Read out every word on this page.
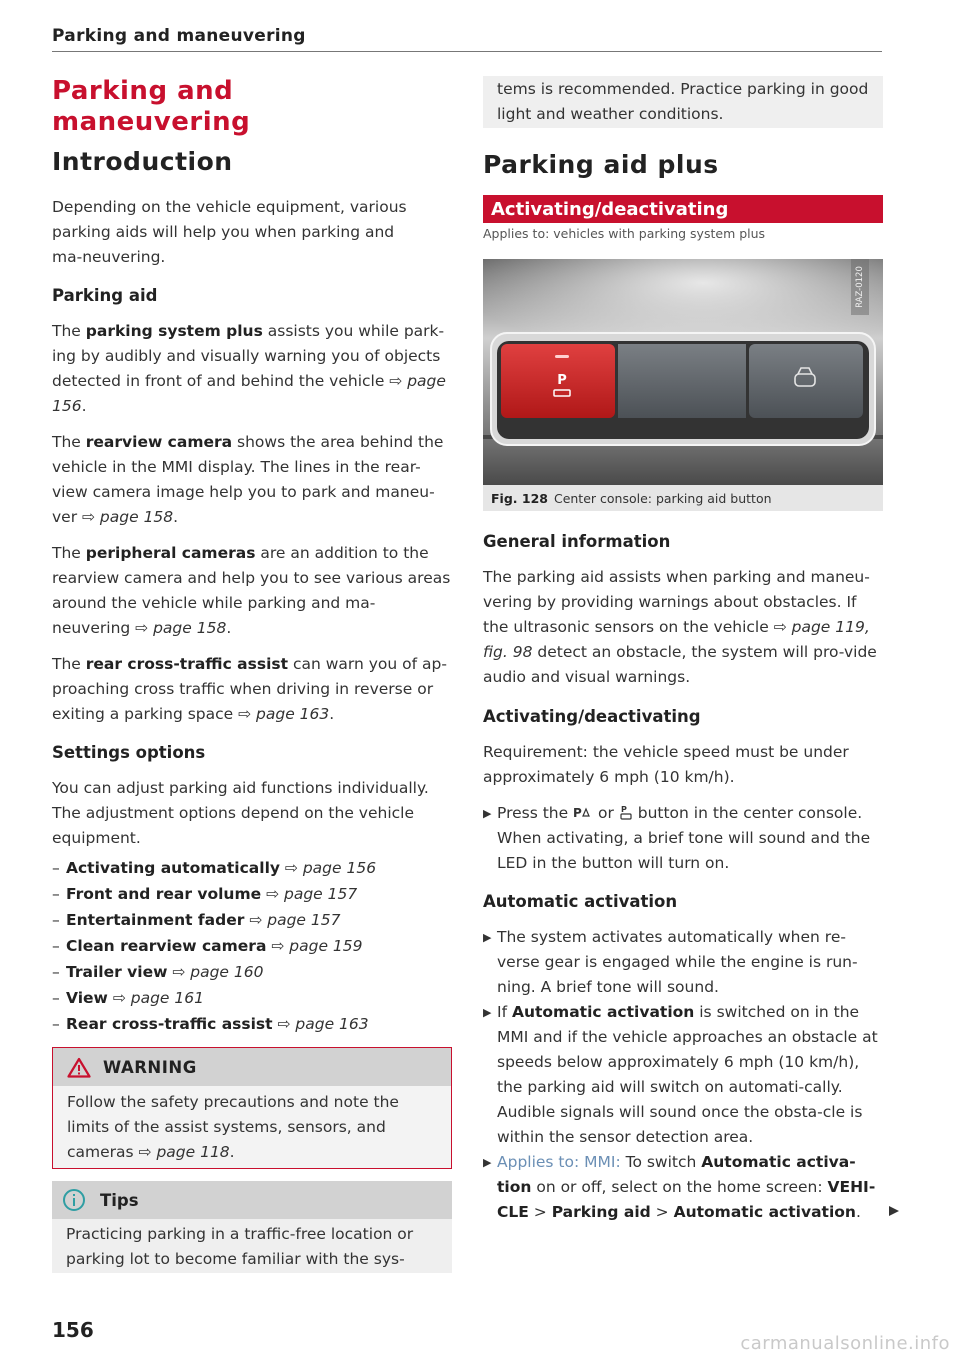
Parking and maneuvering
Parking and
maneuvering
Introduction

Depending on the vehicle equipment, various parking aids will help you when parking and ma-neuvering.

Parking aid

The parking system plus assists you while park-ing by audibly and visually warning you of objects detected in front of and behind the vehicle ⇨ page 156.

The rearview camera shows the area behind the vehicle in the MMI display. The lines in the rear-view camera image help you to park and maneu-ver ⇨ page 158.

The peripheral cameras are an addition to the rearview camera and help you to see various areas around the vehicle while parking and ma-neuvering ⇨ page 158.

The rear cross-traffic assist can warn you of ap-proaching cross traffic when driving in reverse or exiting a parking space ⇨ page 163.

Settings options

You can adjust parking aid functions individually. The adjustment options depend on the vehicle equipment.

– Activating automatically ⇨ page 156
– Front and rear volume ⇨ page 157
– Entertainment fader ⇨ page 157
– Clean rearview camera ⇨ page 159
– Trailer view ⇨ page 160
– View ⇨ page 161
– Rear cross-traffic assist ⇨ page 163
WARNING

Follow the safety precautions and note the limits of the assist systems, sensors, and cameras ⇨ page 118.

Tips

Practicing parking in a traffic-free location or parking lot to become familiar with the sys-

tems is recommended. Practice parking in good light and weather conditions.

Parking aid plus
Activating/deactivating
Applies to: vehicles with parking system plus
P
RAZ-0120
Fig. 128 Center console: parking aid button
General information

The parking aid assists when parking and maneu-vering by providing warnings about obstacles. If the ultrasonic sensors on the vehicle ⇨ page 119, fig. 98 detect an obstacle, the system will pro-vide audio and visual warnings.

Activating/deactivating

Requirement: the vehicle speed must be under approximately 6 mph (10 km/h).

▶ Press the P or P button in the center console. When activating, a brief tone will sound and the LED in the button will turn on.
Automatic activation
▶ The system activates automatically when re-verse gear is engaged while the engine is run-ning. A brief tone will sound.
▶ If Automatic activation is switched on in the MMI and if the vehicle approaches an obstacle at speeds below approximately 6 mph (10 km/h), the parking aid will switch on automati-cally. Audible signals will sound once the obsta-cle is within the sensor detection area.
▶ Applies to: MMI: To switch Automatic activa-tion on or off, select on the home screen: VEHI-CLE > Parking aid > Automatic activation.
156
carmanualsonline.info
